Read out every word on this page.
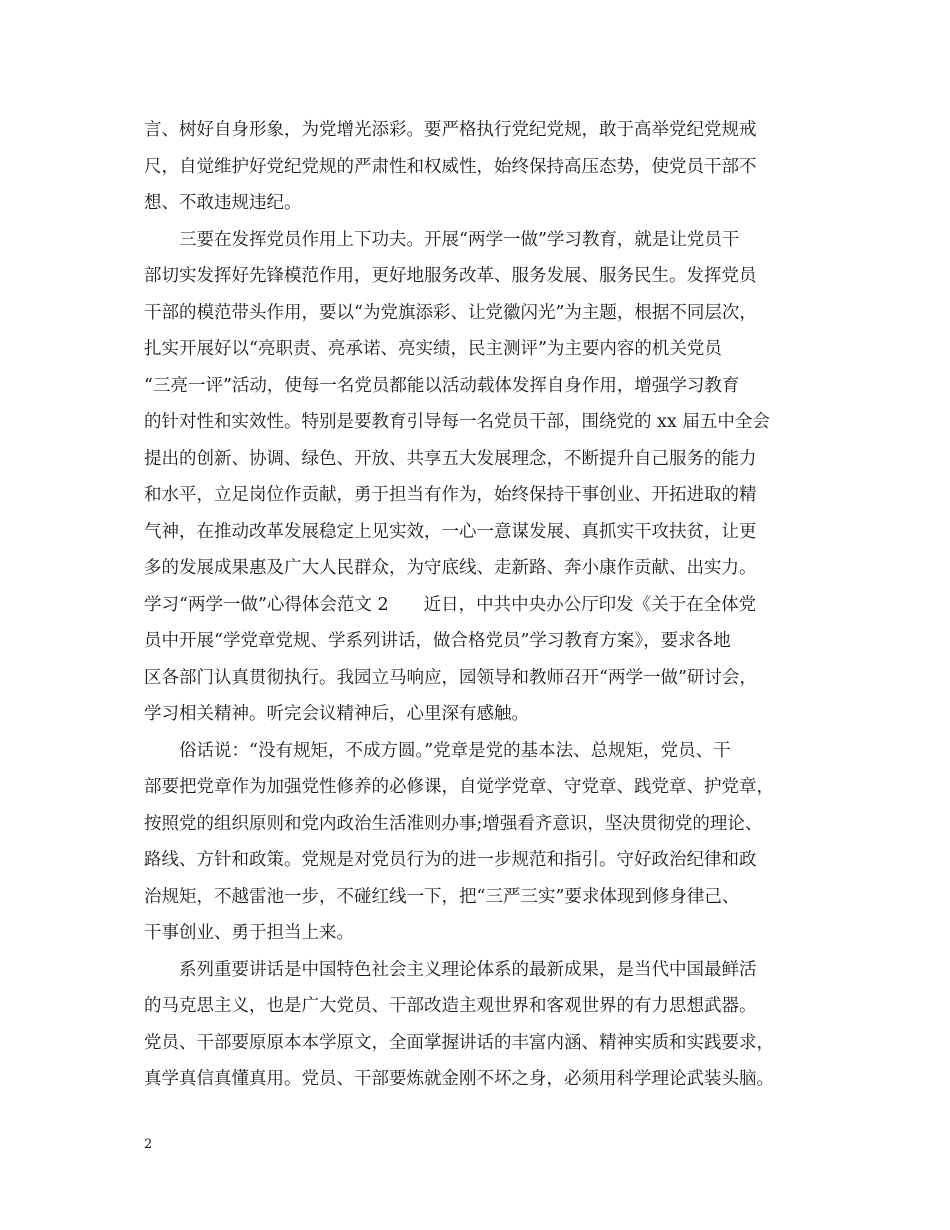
言、树好自身形象，为党增光添彩。要严格执行党纪党规，敢于高举党纪党规戒
尺，自觉维护好党纪党规的严肃性和权威性，始终保持高压态势，使党员干部不
想、不敢违规违纪。
三要在发挥党员作用上下功夫。开展“两学一做”学习教育，就是让党员干
部切实发挥好先锋模范作用，更好地服务改革、服务发展、服务民生。发挥党员
干部的模范带头作用，要以“为党旗添彩、让党徽闪光”为主题，根据不同层次，
扎实开展好以“亮职责、亮承诺、亮实绩，民主测评”为主要内容的机关党员
“三亮一评”活动，使每一名党员都能以活动载体发挥自身作用，增强学习教育
的针对性和实效性。特别是要教育引导每一名党员干部，围绕党的 xx 届五中全会
提出的创新、协调、绿色、开放、共享五大发展理念，不断提升自己服务的能力
和水平，立足岗位作贡献，勇于担当有作为，始终保持干事创业、开拓进取的精
气神，在推动改革发展稳定上见实效，一心一意谋发展、真抓实干攻扶贫，让更
多的发展成果惠及广大人民群众，为守底线、走新路、奔小康作贡献、出实力。
学习“两学一做”心得体会范文 2　　近日，中共中央办公厅印发《关于在全体党
员中开展“学党章党规、学系列讲话，做合格党员”学习教育方案》，要求各地
区各部门认真贯彻执行。我园立马响应，园领导和教师召开“两学一做”研讨会，
学习相关精神。听完会议精神后，心里深有感触。
俗话说：“没有规矩，不成方圆。”党章是党的基本法、总规矩，党员、干
部要把党章作为加强党性修养的必修课，自觉学党章、守党章、践党章、护党章，
按照党的组织原则和党内政治生活准则办事;增强看齐意识，坚决贯彻党的理论、
路线、方针和政策。党规是对党员行为的进一步规范和指引。守好政治纪律和政
治规矩，不越雷池一步，不碰红线一下，把“三严三实”要求体现到修身律己、
干事创业、勇于担当上来。
系列重要讲话是中国特色社会主义理论体系的最新成果，是当代中国最鲜活
的马克思主义，也是广大党员、干部改造主观世界和客观世界的有力思想武器。
党员、干部要原原本本学原文，全面掌握讲话的丰富内涵、精神实质和实践要求，
真学真信真懂真用。党员、干部要炼就金刚不坏之身，必须用科学理论武装头脑。
2
